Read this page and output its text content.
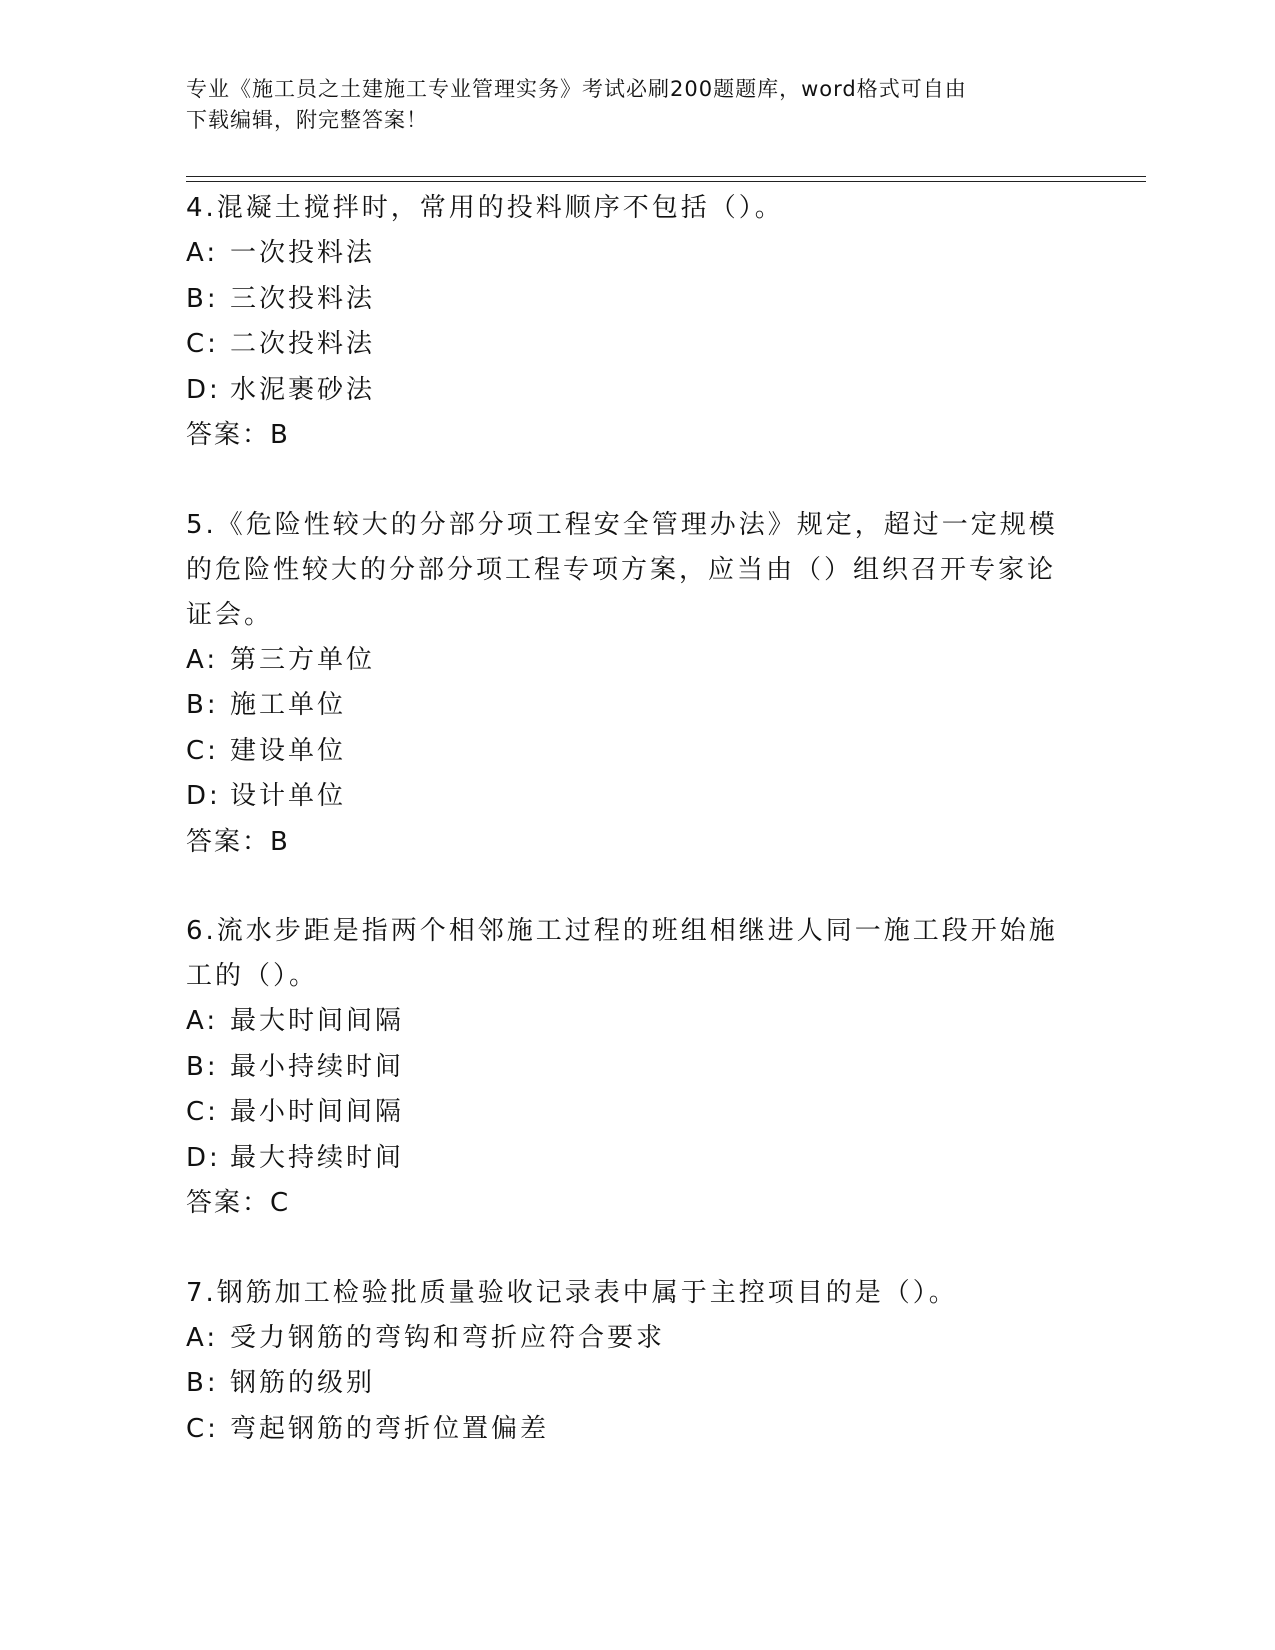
专业《施工员之土建施工专业管理实务》考试必刷200题题库，word格式可自由
下载编辑，附完整答案！
4.混凝土搅拌时，常用的投料顺序不包括（）。
A: 一次投料法
B: 三次投料法
C: 二次投料法
D: 水泥裹砂法
答案：B
5.《危险性较大的分部分项工程安全管理办法》规定，超过一定规模的危险性较大的分部分项工程专项方案，应当由（）组织召开专家论证会。
A: 第三方单位
B: 施工单位
C: 建设单位
D: 设计单位
答案：B
6.流水步距是指两个相邻施工过程的班组相继进人同一施工段开始施工的（）。
A: 最大时间间隔
B: 最小持续时间
C: 最小时间间隔
D: 最大持续时间
答案：C
7.钢筋加工检验批质量验收记录表中属于主控项目的是（）。
A: 受力钢筋的弯钩和弯折应符合要求
B: 钢筋的级别
C: 弯起钢筋的弯折位置偏差
